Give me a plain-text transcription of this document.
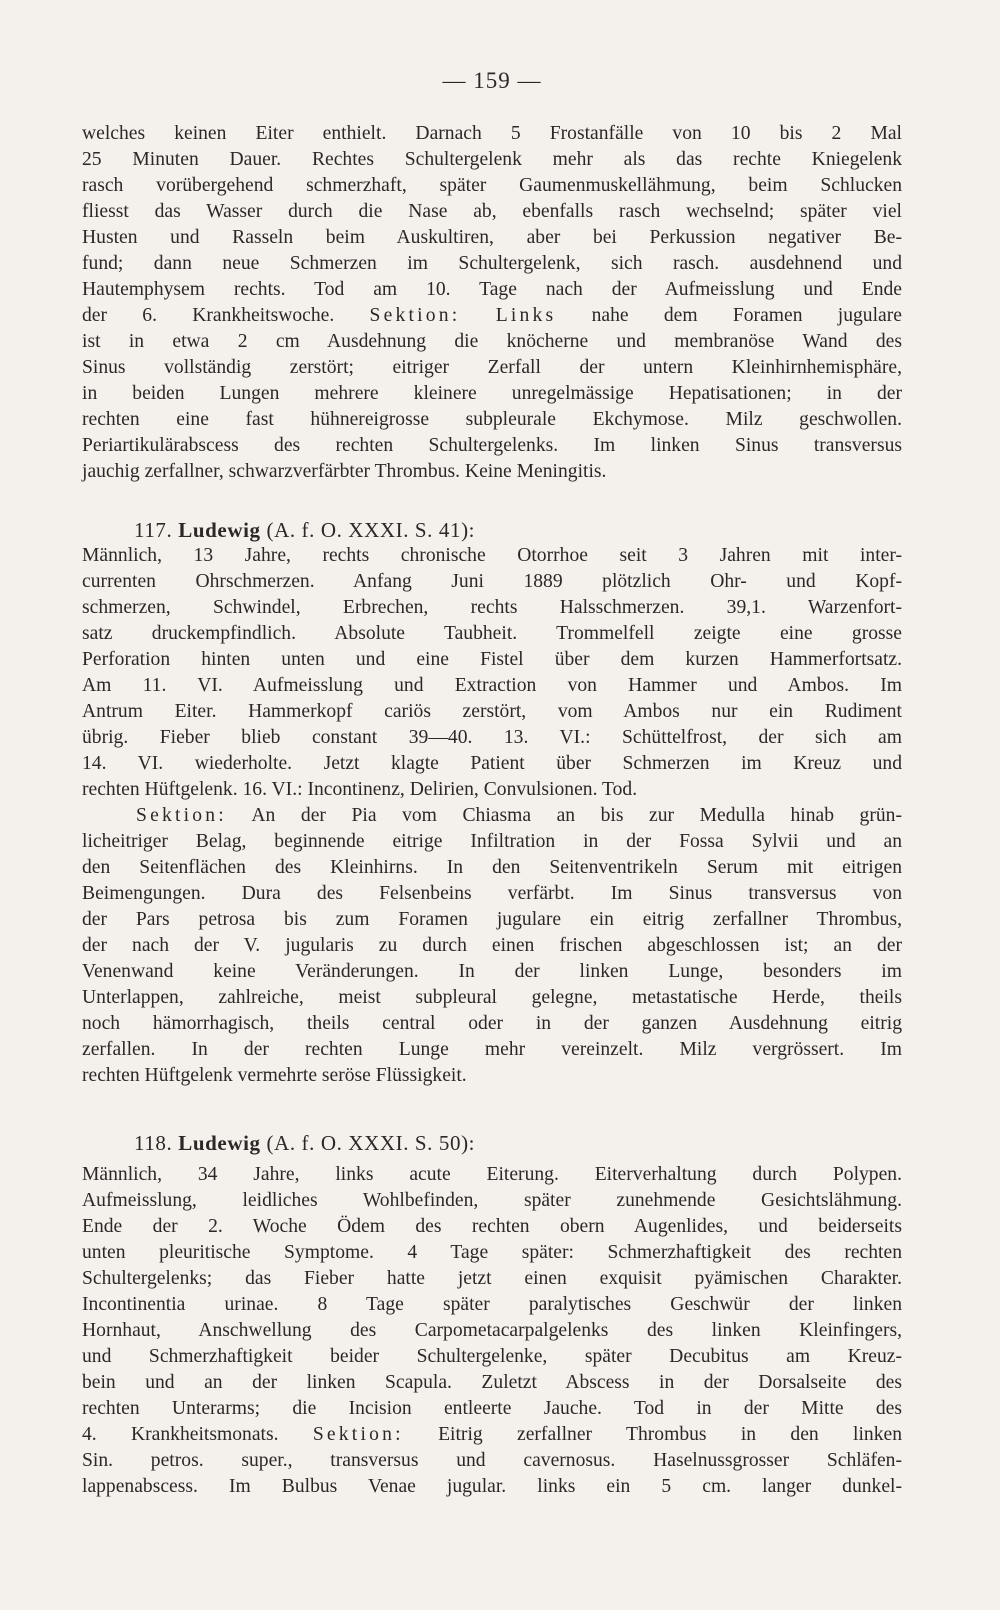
— 159 —
welches keinen Eiter enthielt. Darnach 5 Frostanfälle von 10 bis 2 Mal
25 Minuten Dauer. Rechtes Schultergelenk mehr als das rechte Kniegelenk
rasch vorübergehend schmerzhaft, später Gaumenmuskellähmung, beim Schlucken
fliesst das Wasser durch die Nase ab, ebenfalls rasch wechselnd; später viel
Husten und Rasseln beim Auskultiren, aber bei Perkussion negativer Be-
fund; dann neue Schmerzen im Schultergelenk, sich rasch. ausdehnend und
Hautemphysem rechts. Tod am 10. Tage nach der Aufmeisslung und Ende
der 6. Krankheitswoche. Sektion: Links nahe dem Foramen jugulare
ist in etwa 2 cm Ausdehnung die knöcherne und membranöse Wand des
Sinus vollständig zerstört; eitriger Zerfall der untern Kleinhirnhemisphäre,
in beiden Lungen mehrere kleinere unregelmässige Hepatisationen; in der
rechten eine fast hühnereigrosse subpleurale Ekchymose. Milz geschwollen.
Periartikulärabscess des rechten Schultergelenks. Im linken Sinus transversus
jauchig zerfallner, schwarzverfärbter Thrombus. Keine Meningitis.
117. Ludewig (A. f. O. XXXI. S. 41):
Männlich, 13 Jahre, rechts chronische Otorrhoe seit 3 Jahren mit inter-
currenten Ohrschmerzen. Anfang Juni 1889 plötzlich Ohr- und Kopf-
schmerzen, Schwindel, Erbrechen, rechts Halsschmerzen. 39,1. Warzenfort-
satz druckempfindlich. Absolute Taubheit. Trommelfell zeigte eine grosse
Perforation hinten unten und eine Fistel über dem kurzen Hammerfortsatz.
Am 11. VI. Aufmeisslung und Extraction von Hammer und Ambos. Im
Antrum Eiter. Hammerkopf cariös zerstört, vom Ambos nur ein Rudiment
übrig. Fieber blieb constant 39—40. 13. VI.: Schüttelfrost, der sich am
14. VI. wiederholte. Jetzt klagte Patient über Schmerzen im Kreuz und
rechten Hüftgelenk. 16. VI.: Incontinenz, Delirien, Convulsionen. Tod.
Sektion: An der Pia vom Chiasma an bis zur Medulla hinab grün-
licheitriger Belag, beginnende eitrige Infiltration in der Fossa Sylvii und an
den Seitenflächen des Kleinhirns. In den Seitenventrikeln Serum mit eitrigen
Beimengungen. Dura des Felsenbeins verfärbt. Im Sinus transversus von
der Pars petrosa bis zum Foramen jugulare ein eitrig zerfallner Thrombus,
der nach der V. jugularis zu durch einen frischen abgeschlossen ist; an der
Venenwand keine Veränderungen. In der linken Lunge, besonders im
Unterlappen, zahlreiche, meist subpleural gelegne, metastatische Herde, theils
noch hämorrhagisch, theils central oder in der ganzen Ausdehnung eitrig
zerfallen. In der rechten Lunge mehr vereinzelt. Milz vergrössert. Im
rechten Hüftgelenk vermehrte seröse Flüssigkeit.
118. Ludewig (A. f. O. XXXI. S. 50):
Männlich, 34 Jahre, links acute Eiterung. Eiterverhaltung durch Polypen.
Aufmeisslung, leidliches Wohlbefinden, später zunehmende Gesichtslähmung.
Ende der 2. Woche Ödem des rechten obern Augenlides, und beiderseits
unten pleuritische Symptome. 4 Tage später: Schmerzhaftigkeit des rechten
Schultergelenks; das Fieber hatte jetzt einen exquisit pyämischen Charakter.
Incontinentia urinae. 8 Tage später paralytisches Geschwür der linken
Hornhaut, Anschwellung des Carpometacarpalgelenks des linken Kleinfingers,
und Schmerzhaftigkeit beider Schultergelenke, später Decubitus am Kreuz-
bein und an der linken Scapula. Zuletzt Abscess in der Dorsalseite des
rechten Unterarms; die Incision entleerte Jauche. Tod in der Mitte des
4. Krankheitsmonats. Sektion: Eitrig zerfallner Thrombus in den linken
Sin. petros. super., transversus und cavernosus. Haselnussgrosser Schläfen-
lappenabscess. Im Bulbus Venae jugular. links ein 5 cm. langer dunkel-
